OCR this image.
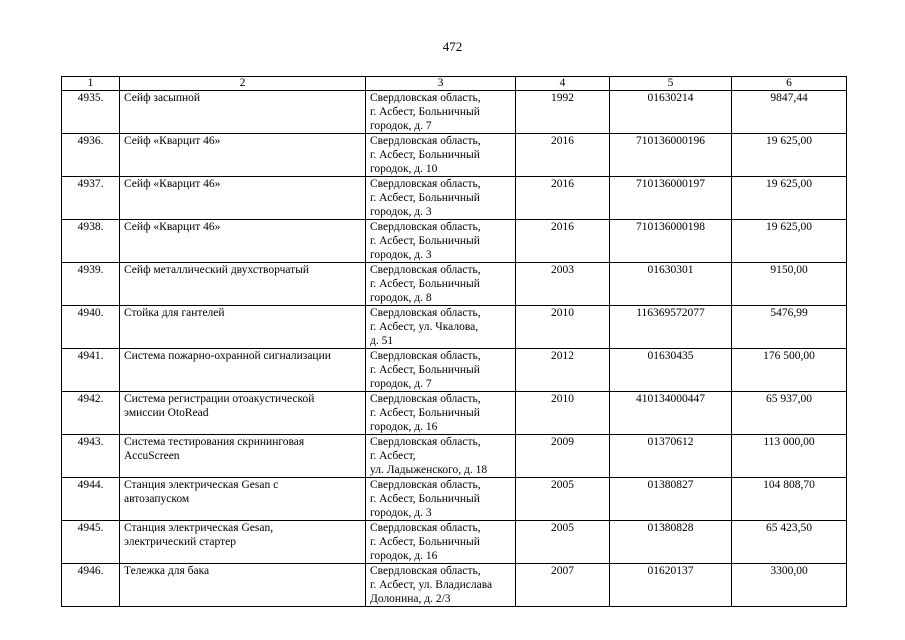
472
1	2	3	4	5	6
4935.	Сейф засыпной	Свердловская область,
г. Асбест, Больничный
городок, д. 7	1992	01630214	9847,44
4936.	Сейф «Кварцит 46»	Свердловская область,
г. Асбест, Больничный
городок, д. 10	2016	710136000196	19 625,00
4937.	Сейф «Кварцит 46»	Свердловская область,
г. Асбест, Больничный
городок, д. 3	2016	710136000197	19 625,00
4938.	Сейф «Кварцит 46»	Свердловская область,
г. Асбест, Больничный
городок, д. 3	2016	710136000198	19 625,00
4939.	Сейф металлический двухстворчатый	Свердловская область,
г. Асбест, Больничный
городок, д. 8	2003	01630301	9150,00
4940.	Стойка для гантелей	Свердловская область,
г. Асбест, ул. Чкалова,
д. 51	2010	116369572077	5476,99
4941.	Система пожарно-охранной сигнализации	Свердловская область,
г. Асбест, Больничный
городок, д. 7	2012	01630435	176 500,00
4942.	Система регистрации отоакустической
эмиссии OtoRead	Свердловская область,
г. Асбест, Больничный
городок, д. 16	2010	410134000447	65 937,00
4943.	Система тестирования скрининговая
AccuScreen	Свердловская область,
г. Асбест,
ул. Ладыженского, д. 18	2009	01370612	113 000,00
4944.	Станция электрическая Gesan с
автозапуском	Свердловская область,
г. Асбест, Больничный
городок, д. 3	2005	01380827	104 808,70
4945.	Станция электрическая Gesan,
электрический стартер	Свердловская область,
г. Асбест, Больничный
городок, д. 16	2005	01380828	65 423,50
4946.	Тележка для бака	Свердловская область,
г. Асбест, ул. Владислава
Долонина, д. 2/3	2007	01620137	3300,00
